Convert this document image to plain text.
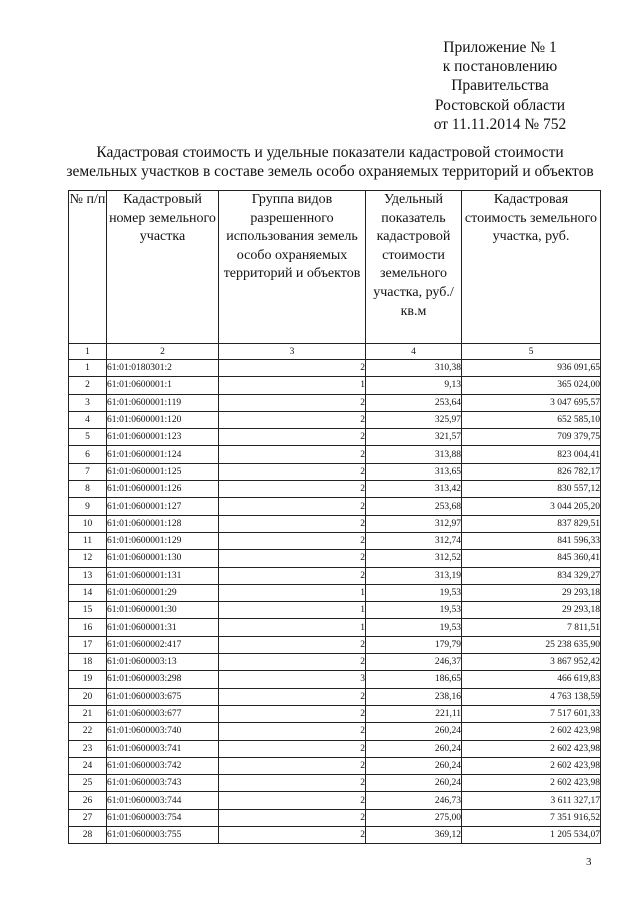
Приложение № 1
к постановлению
Правительства
Ростовской области
от 11.11.2014 № 752
Кадастровая стоимость и удельные показатели кадастровой стоимости
земельных участков в составе земель особо охраняемых территорий и объектов
№ п/п	Кадастровый номер земельного участка	Группа видов разрешенного использования земель особо охраняемых территорий и объектов	Удельный показатель кадастровой стоимости земельного участка, руб./кв.м	Кадастровая стоимость земельного участка, руб.
1	2	3	4	5
1	61:01:0180301:2	2	310,38	936 091,65
2	61:01:0600001:1	1	9,13	365 024,00
3	61:01:0600001:119	2	253,64	3 047 695,57
4	61:01:0600001:120	2	325,97	652 585,10
5	61:01:0600001:123	2	321,57	709 379,75
6	61:01:0600001:124	2	313,88	823 004,41
7	61:01:0600001:125	2	313,65	826 782,17
8	61:01:0600001:126	2	313,42	830 557,12
9	61:01:0600001:127	2	253,68	3 044 205,20
10	61:01:0600001:128	2	312,97	837 829,51
11	61:01:0600001:129	2	312,74	841 596,33
12	61:01:0600001:130	2	312,52	845 360,41
13	61:01:0600001:131	2	313,19	834 329,27
14	61:01:0600001:29	1	19,53	29 293,18
15	61:01:0600001:30	1	19,53	29 293,18
16	61:01:0600001:31	1	19,53	7 811,51
17	61:01:0600002:417	2	179,79	25 238 635,90
18	61:01:0600003:13	2	246,37	3 867 952,42
19	61:01:0600003:298	3	186,65	466 619,83
20	61:01:0600003:675	2	238,16	4 763 138,59
21	61:01:0600003:677	2	221,11	7 517 601,33
22	61:01:0600003:740	2	260,24	2 602 423,98
23	61:01:0600003:741	2	260,24	2 602 423,98
24	61:01:0600003:742	2	260,24	2 602 423,98
25	61:01:0600003:743	2	260,24	2 602 423,98
26	61:01:0600003:744	2	246,73	3 611 327,17
27	61:01:0600003:754	2	275,00	7 351 916,52
28	61:01:0600003:755	2	369,12	1 205 534,07
3
